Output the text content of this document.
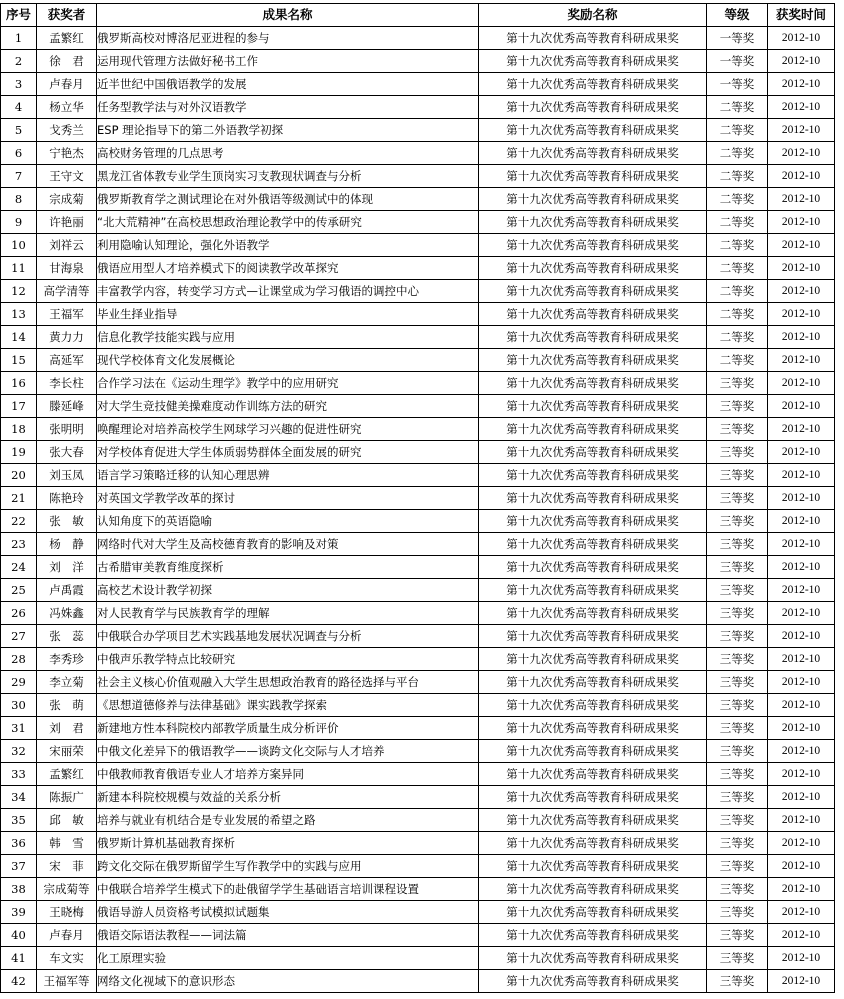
序号	获奖者	成果名称	奖励名称	等级	获奖时间
1	孟繁红	俄罗斯高校对博洛尼亚进程的参与	第十九次优秀高等教育科研成果奖	一等奖	2012-10
2	徐　君	运用现代管理方法做好秘书工作	第十九次优秀高等教育科研成果奖	一等奖	2012-10
3	卢春月	近半世纪中国俄语教学的发展	第十九次优秀高等教育科研成果奖	一等奖	2012-10
4	杨立华	任务型教学法与对外汉语教学	第十九次优秀高等教育科研成果奖	二等奖	2012-10
5	戈秀兰	ESP 理论指导下的第二外语教学初探	第十九次优秀高等教育科研成果奖	二等奖	2012-10
6	宁艳杰	高校财务管理的几点思考	第十九次优秀高等教育科研成果奖	二等奖	2012-10
7	王守文	黑龙江省体教专业学生顶岗实习支教现状调查与分析	第十九次优秀高等教育科研成果奖	二等奖	2012-10
8	宗成菊	俄罗斯教育学之测试理论在对外俄语等级测试中的体现	第十九次优秀高等教育科研成果奖	二等奖	2012-10
9	许艳丽	“北大荒精神”在高校思想政治理论教学中的传承研究	第十九次优秀高等教育科研成果奖	二等奖	2012-10
10	刘祥云	利用隐喻认知理论，强化外语教学	第十九次优秀高等教育科研成果奖	二等奖	2012-10
11	甘海泉	俄语应用型人才培养模式下的阅读教学改革探究	第十九次优秀高等教育科研成果奖	二等奖	2012-10
12	高学清等	丰富教学内容，转变学习方式—让课堂成为学习俄语的调控中心	第十九次优秀高等教育科研成果奖	二等奖	2012-10
13	王福军	毕业生择业指导	第十九次优秀高等教育科研成果奖	二等奖	2012-10
14	黄力力	信息化教学技能实践与应用	第十九次优秀高等教育科研成果奖	二等奖	2012-10
15	高延军	现代学校体育文化发展概论	第十九次优秀高等教育科研成果奖	二等奖	2012-10
16	李长柱	合作学习法在《运动生理学》教学中的应用研究	第十九次优秀高等教育科研成果奖	三等奖	2012-10
17	滕延峰	对大学生竞技健美操难度动作训练方法的研究	第十九次优秀高等教育科研成果奖	三等奖	2012-10
18	张明明	唤醒理论对培养高校学生网球学习兴趣的促进性研究	第十九次优秀高等教育科研成果奖	三等奖	2012-10
19	张大春	对学校体育促进大学生体质弱势群体全面发展的研究	第十九次优秀高等教育科研成果奖	三等奖	2012-10
20	刘玉凤	语言学习策略迁移的认知心理思辨	第十九次优秀高等教育科研成果奖	三等奖	2012-10
21	陈艳玲	对英国文学教学改革的探讨	第十九次优秀高等教育科研成果奖	三等奖	2012-10
22	张　敏	认知角度下的英语隐喻	第十九次优秀高等教育科研成果奖	三等奖	2012-10
23	杨　静	网络时代对大学生及高校德育教育的影响及对策	第十九次优秀高等教育科研成果奖	三等奖	2012-10
24	刘　洋	古希腊审美教育维度探析	第十九次优秀高等教育科研成果奖	三等奖	2012-10
25	卢禹霞	高校艺术设计教学初探	第十九次优秀高等教育科研成果奖	三等奖	2012-10
26	冯姝鑫	对人民教育学与民族教育学的理解	第十九次优秀高等教育科研成果奖	三等奖	2012-10
27	张　蕊	中俄联合办学项目艺术实践基地发展状况调查与分析	第十九次优秀高等教育科研成果奖	三等奖	2012-10
28	李秀珍	中俄声乐教学特点比较研究	第十九次优秀高等教育科研成果奖	三等奖	2012-10
29	李立菊	社会主义核心价值观融入大学生思想政治教育的路径选择与平台	第十九次优秀高等教育科研成果奖	三等奖	2012-10
30	张　萌	《思想道德修养与法律基础》课实践教学探索	第十九次优秀高等教育科研成果奖	三等奖	2012-10
31	刘　君	新建地方性本科院校内部教学质量生成分析评价	第十九次优秀高等教育科研成果奖	三等奖	2012-10
32	宋丽荣	中俄文化差异下的俄语教学——谈跨文化交际与人才培养	第十九次优秀高等教育科研成果奖	三等奖	2012-10
33	孟繁红	中俄教师教育俄语专业人才培养方案异同	第十九次优秀高等教育科研成果奖	三等奖	2012-10
34	陈振广	新建本科院校规模与效益的关系分析	第十九次优秀高等教育科研成果奖	三等奖	2012-10
35	邱　敏	培养与就业有机结合是专业发展的希望之路	第十九次优秀高等教育科研成果奖	三等奖	2012-10
36	韩　雪	俄罗斯计算机基础教育探析	第十九次优秀高等教育科研成果奖	三等奖	2012-10
37	宋　菲	跨文化交际在俄罗斯留学生写作教学中的实践与应用	第十九次优秀高等教育科研成果奖	三等奖	2012-10
38	宗成菊等	中俄联合培养学生模式下的赴俄留学学生基础语言培训课程设置	第十九次优秀高等教育科研成果奖	三等奖	2012-10
39	王晓梅	俄语导游人员资格考试模拟试题集	第十九次优秀高等教育科研成果奖	三等奖	2012-10
40	卢春月	俄语交际语法教程——词法篇	第十九次优秀高等教育科研成果奖	三等奖	2012-10
41	车文实	化工原理实验	第十九次优秀高等教育科研成果奖	三等奖	2012-10
42	王福军等	网络文化视域下的意识形态	第十九次优秀高等教育科研成果奖	三等奖	2012-10
